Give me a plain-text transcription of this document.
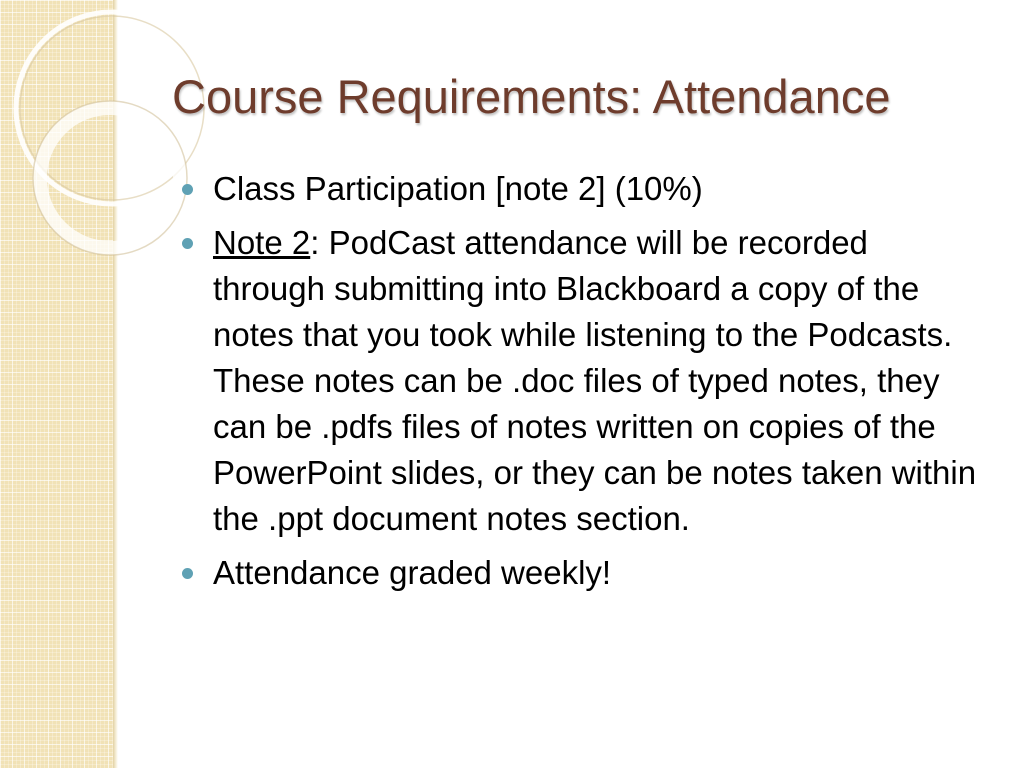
Course Requirements: Attendance
Class Participation [note 2] (10%)
Note 2: PodCast attendance will be recorded through submitting into Blackboard a copy of the notes that you took while listening to the Podcasts. These notes can be .doc files of typed notes, they can be .pdfs files of notes written on copies of the PowerPoint slides, or they can be notes taken within the .ppt document notes section.
Attendance graded weekly!
